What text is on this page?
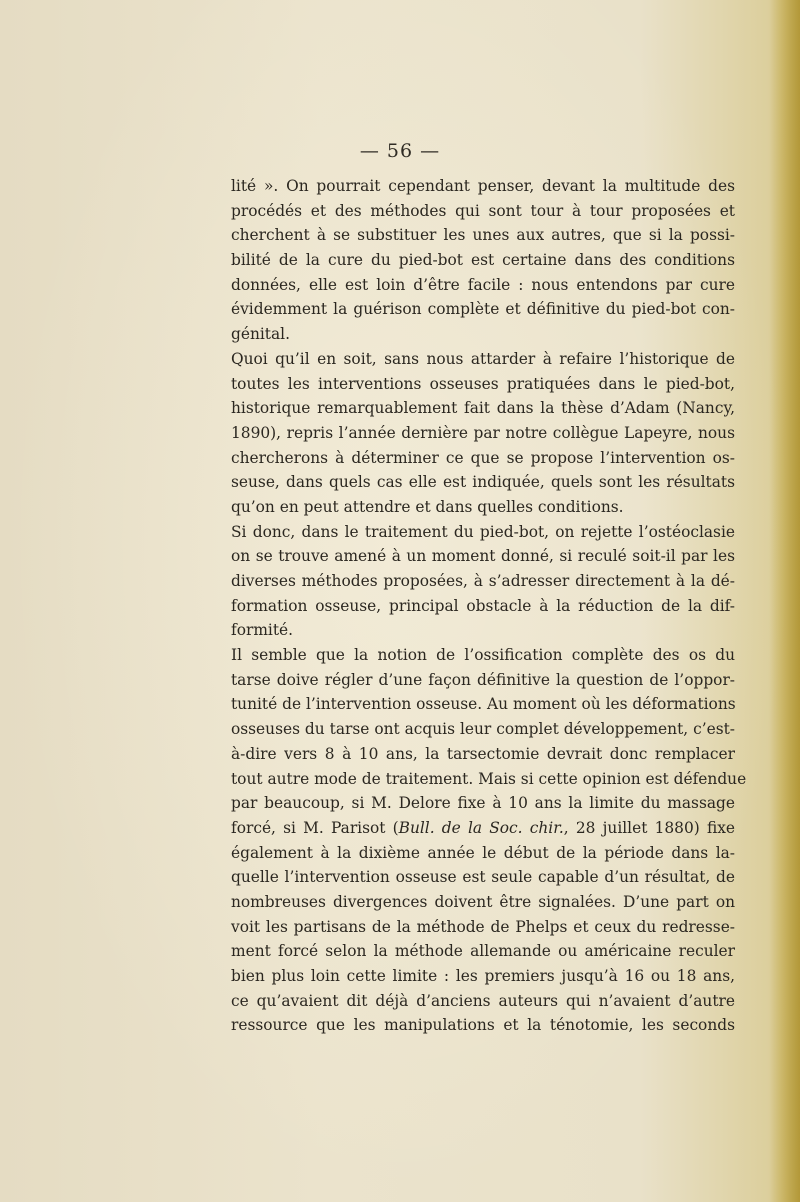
— 56 —
lité ». On pourrait cependant penser, devant la multitude des
procédés et des méthodes qui sont tour à tour proposées et
cherchent à se substituer les unes aux autres, que si la possi-
bilité de la cure du pied-bot est certaine dans des conditions
données, elle est loin d’être facile : nous entendons par cure
évidemment la guérison complète et définitive du pied-bot con-
génital.
Quoi qu’il en soit, sans nous attarder à refaire l’historique de
toutes les interventions osseuses pratiquées dans le pied-bot,
historique remarquablement fait dans la thèse d’Adam (Nancy,
1890), repris l’année dernière par notre collègue Lapeyre, nous
chercherons à déterminer ce que se propose l’intervention os-
seuse, dans quels cas elle est indiquée, quels sont les résultats
qu’on en peut attendre et dans quelles conditions.
Si donc, dans le traitement du pied-bot, on rejette l’ostéoclasie
on se trouve amené à un moment donné, si reculé soit-il par les
diverses méthodes proposées, à s’adresser directement à la dé-
formation osseuse, principal obstacle à la réduction de la dif-
formité.
Il semble que la notion de l’ossification complète des os du
tarse doive régler d’une façon définitive la question de l’oppor-
tunité de l’intervention osseuse. Au moment où les déformations
osseuses du tarse ont acquis leur complet développement, c’est-
à-dire vers 8 à 10 ans, la tarsectomie devrait donc remplacer
tout autre mode de traitement. Mais si cette opinion est défendue
par beaucoup, si M. Delore fixe à 10 ans la limite du massage
forcé, si M. Parisot (Bull. de la Soc. chir., 28 juillet 1880) fixe
également à la dixième année le début de la période dans la-
quelle l’intervention osseuse est seule capable d’un résultat, de
nombreuses divergences doivent être signalées. D’une part on
voit les partisans de la méthode de Phelps et ceux du redresse-
ment forcé selon la méthode allemande ou américaine reculer
bien plus loin cette limite : les premiers jusqu’à 16 ou 18 ans,
ce qu’avaient dit déjà d’anciens auteurs qui n’avaient d’autre
ressource que les manipulations et la ténotomie, les seconds
